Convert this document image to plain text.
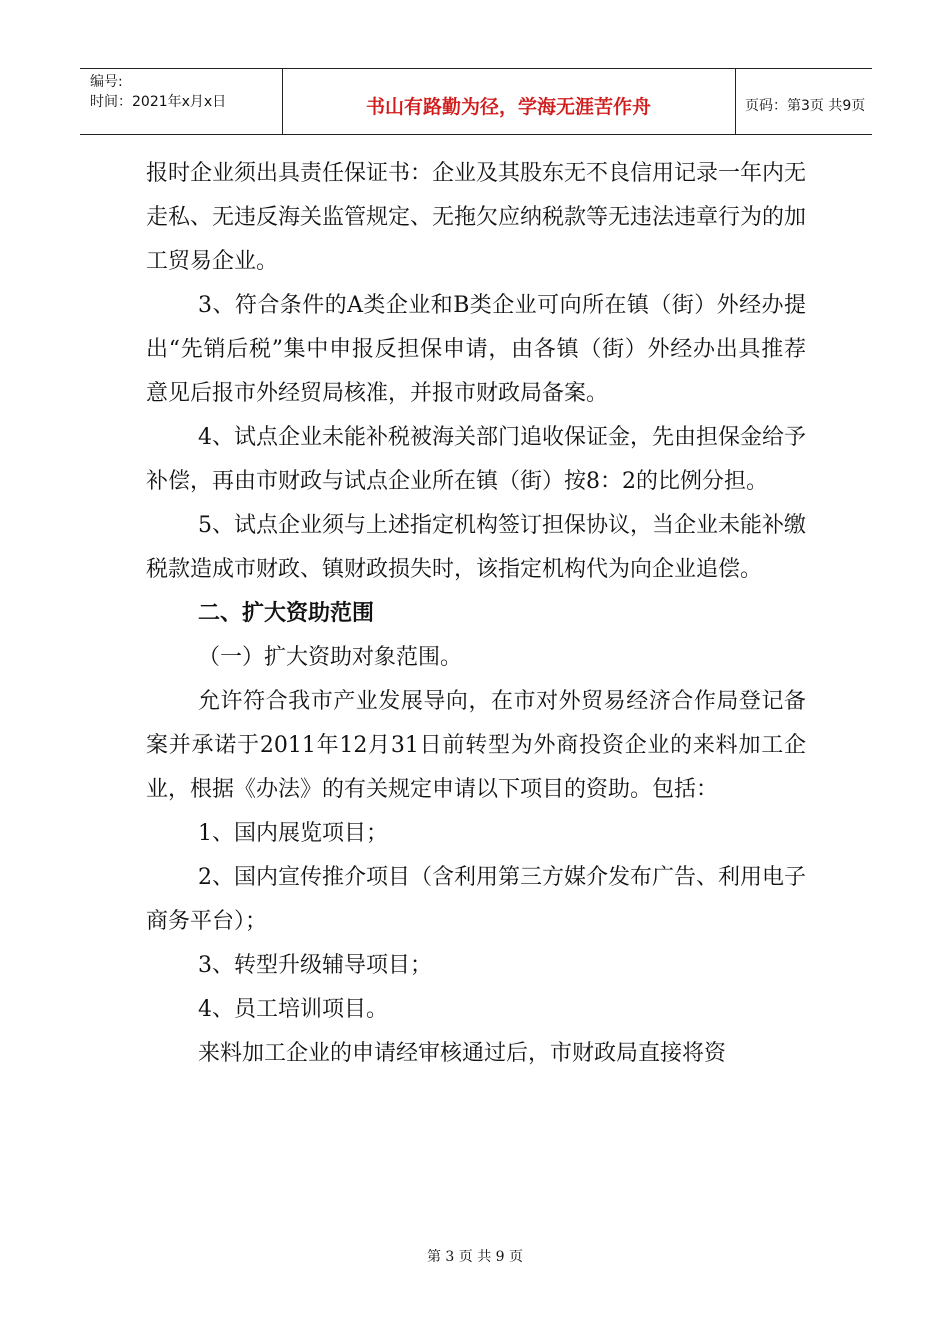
编号:
时间：2021年x月x日	书山有路勤为径，学海无涯苦作舟	页码：第3页 共9页

报时企业须出具责任保证书：企业及其股东无不良信用记录一年内无走私、无违反海关监管规定、无拖欠应纳税款等无违法违章行为的加工贸易企业。

3、符合条件的A类企业和B类企业可向所在镇（街）外经办提出“先销后税”集中申报反担保申请，由各镇（街）外经办出具推荐意见后报市外经贸局核准，并报市财政局备案。

4、试点企业未能补税被海关部门追收保证金，先由担保金给予补偿，再由市财政与试点企业所在镇（街）按8：2的比例分担。

5、试点企业须与上述指定机构签订担保协议，当企业未能补缴税款造成市财政、镇财政损失时，该指定机构代为向企业追偿。

二、扩大资助范围

（一）扩大资助对象范围。

允许符合我市产业发展导向，在市对外贸易经济合作局登记备案并承诺于2011年12月31日前转型为外商投资企业的来料加工企业，根据《办法》的有关规定申请以下项目的资助。包括：

1、国内展览项目；

2、国内宣传推介项目（含利用第三方媒介发布广告、利用电子商务平台）；

3、转型升级辅导项目；

4、员工培训项目。

来料加工企业的申请经审核通过后，市财政局直接将资

第 3 页 共 9 页
